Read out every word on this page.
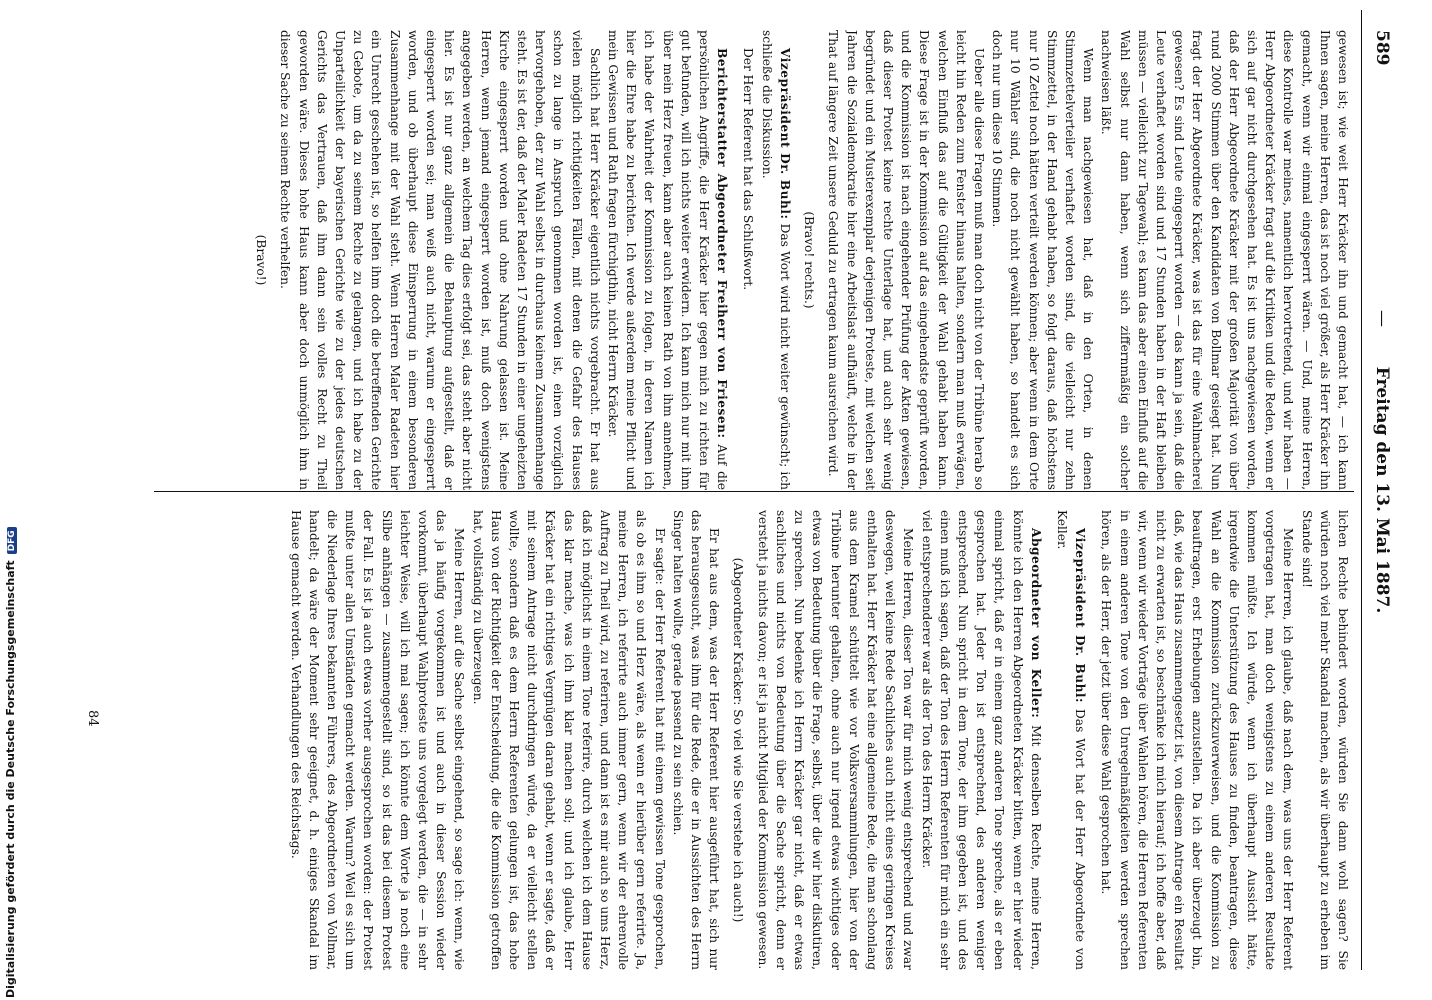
589
—
Freitag den 13. Mai 1887.

gewesen ist; wie weit Herr Kräcker ihn und gemacht hat, — ich kann Ihnen sagen, meine Herren, das ist noch viel größer, als Herr Kräcker ihn gemacht, wenn wir einmal eingesperrt wären. — Und, meine Herren, diese Kontrolle war meines, namentlich hervortretend, und wir haben — Herr Abgeordneter Kräcker fragt auf die Kritiken und die Reden, wenn er sich auf gar nicht durchgesehen hat. Es ist uns nachgewiesen worden, daß der Herr Abgeordnete Kräcker mit der großen Majorität von über rund 2000 Stimmen über den Kandidaten von Bollmar gesiegt hat. Nun fragt der Herr Abgeordnete Kräcker, was ist das für eine Wahlmacherei gewesen? Es sind Leute eingesperrt worden — das kann ja sein, daß die Leute verhaftet worden sind und 17 Stunden haben in der Haft bleiben müssen — vielleicht zur Tagewahl; es kann das aber einen Einfluß auf die Wahl selbst nur dann haben, wenn sich ziffernmäßig ein solcher nachweisen läßt.

Wenn man nachgewiesen hat, daß in den Orten, in denen Stimmzettelverteiler verhaftet worden sind, die vielleicht nur zehn Stimmzettel, in der Hand gehabt haben, so folgt daraus, daß höchstens nur 10 Zettel noch hätten verteilt werden können; aber wenn in dem Orte nur 10 Wähler sind, die noch nicht gewählt haben, so handelt es sich doch nur um diese 10 Stimmen.

Ueber alle diese Fragen muß man doch nicht von der Tribüne herab so leicht hin Reden zum Fenster hinaus halten, sondern man muß erwägen, welchen Einfluß das auf die Gültigkeit der Wahl gehabt haben kann. Diese Frage ist in der Kommission auf das eingehendste geprüft worden, und die Kommission ist nach eingehender Prüfung der Akten gewiesen, daß dieser Protest keine rechte Unterlage hat, und auch sehr wenig begründet und ein Musterexemplar derjenigen Proteste, mit welchen seit Jahren die Sozialdemokratie hier eine Arbeitslast aufhäuft, welche in der That auf längere Zeit unsere Geduld zu ertragen kaum ausreichen wird.

(Bravo! rechts.)

Vizepräsident Dr. Buhl: Das Wort wird nicht weiter gewünscht; ich schließe die Diskussion.

Der Herr Referent hat das Schlußwort.

Berichterstatter Abgeordneter Freiherr von Friesen: Auf die persönlichen Angriffe, die Herr Kräcker hier gegen mich zu richten für gut befunden, will ich nichts weiter erwidern. Ich kann mich nur mit ihm über mein Herz freuen, kann aber auch keinen Rath von ihm annehmen, ich habe der Wahrheit der Kommission zu folgen, in deren Namen ich hier die Ehre habe zu berichten. Ich werde außerdem meine Pflicht und mein Gewissen und Rath fragen fürchigthin, nicht Herrn Kräcker.

Sachlich hat Herr Kräcker eigentlich nichts vorgebracht. Er hat aus vielen möglich richtigkeiten Fällen, mit denen die Gefahr des Hauses schon zu lange in Anspruch genommen worden ist, einen vorzüglich hervorgehoben, der zur Wahl selbst in durchaus keinem Zusammenhange steht. Es ist der, daß der Maler Radeten 17 Stunden in einer ungeheizten Kirche eingesperrt worden und ohne Nahrung gelassen ist. Meine Herren, wenn jemand eingesperrt worden ist, muß doch wenigstens angegeben werden, an welchem Tag dies erfolgt sei, das steht aber nicht hier. Es ist nur ganz allgemein die Behauptung aufgestellt, daß er eingesperrt worden sei; man weiß auch nicht, warum er eingesperrt worden, und ob überhaupt diese Einsperrung in einem besonderen Zusammenhange mit der Wahl steht. Wenn Herren Maler Radeten hier ein Unrecht geschehen ist, so helfen ihm doch die betreffenden Gerichte zu Gebote, um da zu seinem Rechte zu gelangen, und ich habe zu der Unparteilichkeit der bayerischen Gerichte wie zu der jedes deutschen Gerichts das Vertrauen, daß ihm dann sein volles Recht zu Theil geworden wäre. Dieses hohe Haus kann aber doch unmöglich ihm in dieser Sache zu seinem Rechte verhelfen.

(Bravo!)

lichen Rechte behindert worden, würden Sie dann wohl sagen? Sie würden noch viel mehr Skandal machen, als wir überhaupt zu erheben im Stande sind!

Meine Herren, ich glaube, daß nach dem, was uns der Herr Referent vorgetragen hat, man doch wenigstens zu einem anderen Resultate kommen müßte. Ich würde, wenn ich überhaupt Aussicht hätte, irgendwie die Unterstützung des Hauses zu finden, beantragen, diese Wahl an die Kommission zurückzuverweisen, und die Kommission zu beauftragen, erst Erhebungen anzustellen. Da ich aber überzeugt bin, daß, wie das Haus zusammengesetzt ist, von diesem Antrage ein Resultat nicht zu erwarten ist, so beschränke ich mich hierauf; ich hoffe aber, daß wir, wenn wir wieder Vorträge über Wahlen hören, die Herren Referenten in einem anderen Tone von den Unregelmäßigkeiten werden sprechen hören, als der Herr, der jetzt über diese Wahl gesprochen hat.

Vizepräsident Dr. Buhl: Das Wort hat der Herr Abgeordnete von Keller.

Abgeordneter von Keller: Mit denselben Rechte, meine Herren, könnte ich den Herren Abgeordneten Kräcker bitten, wenn er hier wieder einmal spricht, daß er in einem ganz anderen Tone spreche, als er eben gesprochen hat. Jeder Ton ist entsprechend, des anderen weniger entsprechend. Nun spricht in dem Tone, der ihm gegeben ist, und des einen muß ich sagen, daß der Ton des Herrn Referenten für mich ein sehr viel entsprechenderer war als der Ton des Herrn Kräcker.

Meine Herren, dieser Ton war für mich wenig entsprechend und zwar deswegen, weil keine Rede Sachliches auch nicht eines geringen Kreises enthalten hat. Herr Kräcker hat eine allgemeine Rede, die man schonlang aus dem Kramel schüttelt wie vor Volksversammlungen, hier von der Tribüne herunter gehalten, ohne auch nur irgend etwas wichtiges oder etwas von Bedeutung über die Frage, selbst, über die wir hier diskutiren, zu sprechen. Nun bedenke ich Herrn Kräcker gar nicht, daß er etwas sachliches und nichts von Bedeutung über die Sache spricht, denn er versteht ja nichts davon; er ist ja nicht Mitglied der Kommission gewesen.

(Abgeordneter Kräcker: So viel wie Sie verstehe ich auch!)

Er hat aus dem, was der Herr Referent hier ausgeführt hat, sich nur das herausgesucht, was ihm für die Rede, die er in Aussichten des Herrn Singer halten wollte, gerade passend zu sein schien.

Er sagte: der Herr Referent hat mit einem gewissen Tone gesprochen, als ob es ihm so und Herz wäre, als wenn er hierüber gern referirte. Ja, meine Herren, ich referirte auch immer gern, wenn wir der ehrenvolle Auftrag zu Theil wird, zu referiren, und dann ist es mir auch so ums Herz, daß ich möglichst in einem Tone referire, durch welchen ich dem Hause das klar mache, was ich ihm klar machen soll; und ich glaube, Herr Kräcker hat ein richtiges Vergnügen daran gehabt, wenn er sagte, daß er mit seinem Antrage nicht durchdringen würde, da er vielleicht stellen wollte, sondern daß es dem Herrn Referenten gelungen ist, das hohe Haus von der Richtigkeit der Entscheidung, die die Kommission getroffen hat, vollständig zu überzeugen.

Meine Herren, auf die Sache selbst eingehend, so sage ich: wenn, wie das ja häufig vorgekommen ist und auch in dieser Session wieder vorkommt, überhaupt Wahlproteste uns vorgelegt werden, die — in sehr leichter Weise, will ich mal sagen; ich könnte dem Worte ja noch eine Silbe anhängen — zusammengestellt sind, so ist das bei diesem Protest der Fall. Es ist ja auch etwas vorher ausgesprochen worden: der Protest mußte unter allen Umständen gemacht werden. Warum? Weil es sich um die Niederlage Ihres bekannten Führers, des Abgeordneten von Vollmar, handelt; da wäre der Moment sehr geeignet, d. h. einiges Skandal im Hause gemacht werden. Verhandlungen des Reichstags.

84
Digitalisierung gefördert durch die Deutsche ForschungsgemeinschaftDFG
